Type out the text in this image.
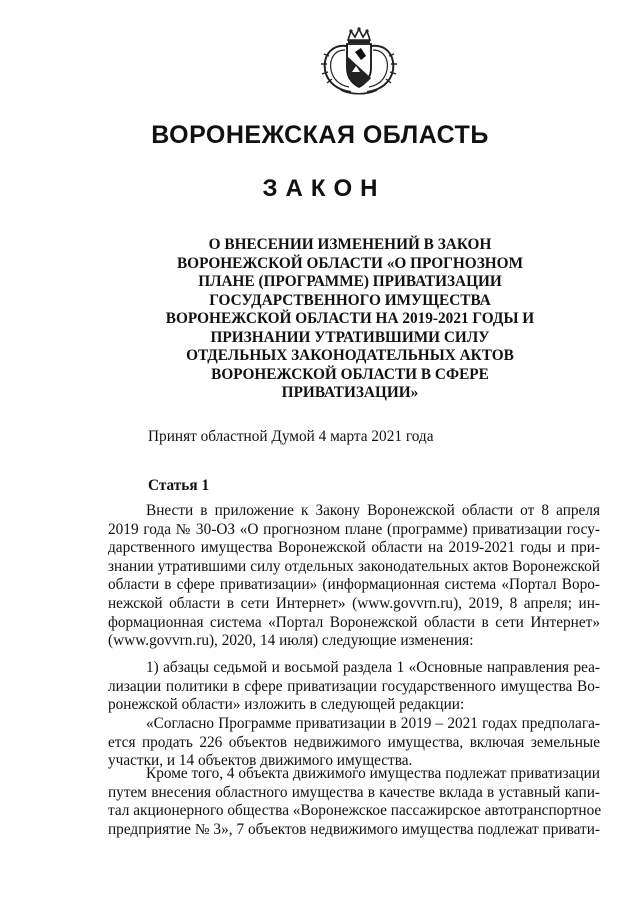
ВОРОНЕЖСКАЯ ОБЛАСТЬ
ЗАКОН
О ВНЕСЕНИИ ИЗМЕНЕНИЙ В ЗАКОН
ВОРОНЕЖСКОЙ ОБЛАСТИ «О ПРОГНОЗНОМ
ПЛАНЕ (ПРОГРАММЕ) ПРИВАТИЗАЦИИ
ГОСУДАРСТВЕННОГО ИМУЩЕСТВА
ВОРОНЕЖСКОЙ ОБЛАСТИ НА 2019-2021 ГОДЫ И
ПРИЗНАНИИ УТРАТИВШИМИ СИЛУ
ОТДЕЛЬНЫХ ЗАКОНОДАТЕЛЬНЫХ АКТОВ
ВОРОНЕЖСКОЙ ОБЛАСТИ В СФЕРЕ
ПРИВАТИЗАЦИИ»
Принят областной Думой 4 марта 2021 года
Статья 1

Внести в приложение к Закону Воронежской области от 8 апреля
2019 года № 30-ОЗ «О прогнозном плане (программе) приватизации госу-
дарственного имущества Воронежской области на 2019-2021 годы и при-
знании утратившими силу отдельных законодательных актов Воронежской
области в сфере приватизации» (информационная система «Портал Воро-
нежской области в сети Интернет» (www.govvrn.ru), 2019, 8 апреля; ин-
формационная система «Портал Воронежской области в сети Интернет»
(www.govvrn.ru), 2020, 14 июля) следующие изменения:

1) абзацы седьмой и восьмой раздела 1 «Основные направления реа-
лизации политики в сфере приватизации государственного имущества Во-
ронежской области» изложить в следующей редакции:

«Согласно Программе приватизации в 2019 – 2021 годах предполага-
ется продать 226 объектов недвижимого имущества, включая земельные
участки, и 14 объектов движимого имущества.

Кроме того, 4 объекта движимого имущества подлежат приватизации
путем внесения областного имущества в качестве вклада в уставный капи-
тал акционерного общества «Воронежское пассажирское автотранспортное
предприятие № 3», 7 объектов недвижимого имущества подлежат привати-
